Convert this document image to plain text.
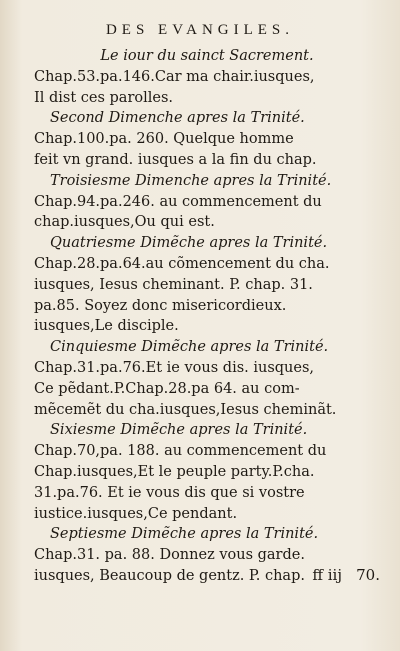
DES EVANGILES.
Le iour du sainct Sacrement.
Chap.53.pa.146.Car ma chair.iusques,
Il dist ces parolles.
Second Dimenche apres la Trinité.
Chap.100.pa. 260. Quelque homme
feit vn grand. iusques a la fin du chap.
Troisiesme Dimenche apres la Trinité.
Chap.94.pa.246. au commencement du
chap.iusques,Ou qui est.
Quatriesme Dimẽche apres la Trinité.
Chap.28.pa.64.au cõmencement du cha.
iusques, Iesus cheminant. P. chap. 31.
pa.85. Soyez donc misericordieux.
iusques,Le disciple.
Cinquiesme Dimẽche apres la Trinité.
Chap.31.pa.76.Et ie vous dis. iusques,
Ce pẽdant.P.Chap.28.pa 64. au com-
mẽcemẽt du cha.iusques,Iesus cheminãt.
Sixiesme Dimẽche apres la Trinité.
Chap.70,pa. 188. au commencement du
Chap.iusques,Et le peuple party.P.cha.
31.pa.76. Et ie vous dis que si vostre
iustice.iusques,Ce pendant.
Septiesme Dimẽche apres la Trinité.
Chap.31. pa. 88. Donnez vous garde.
iusques, Beaucoup de gentz. P. chap. ff iij 70.
